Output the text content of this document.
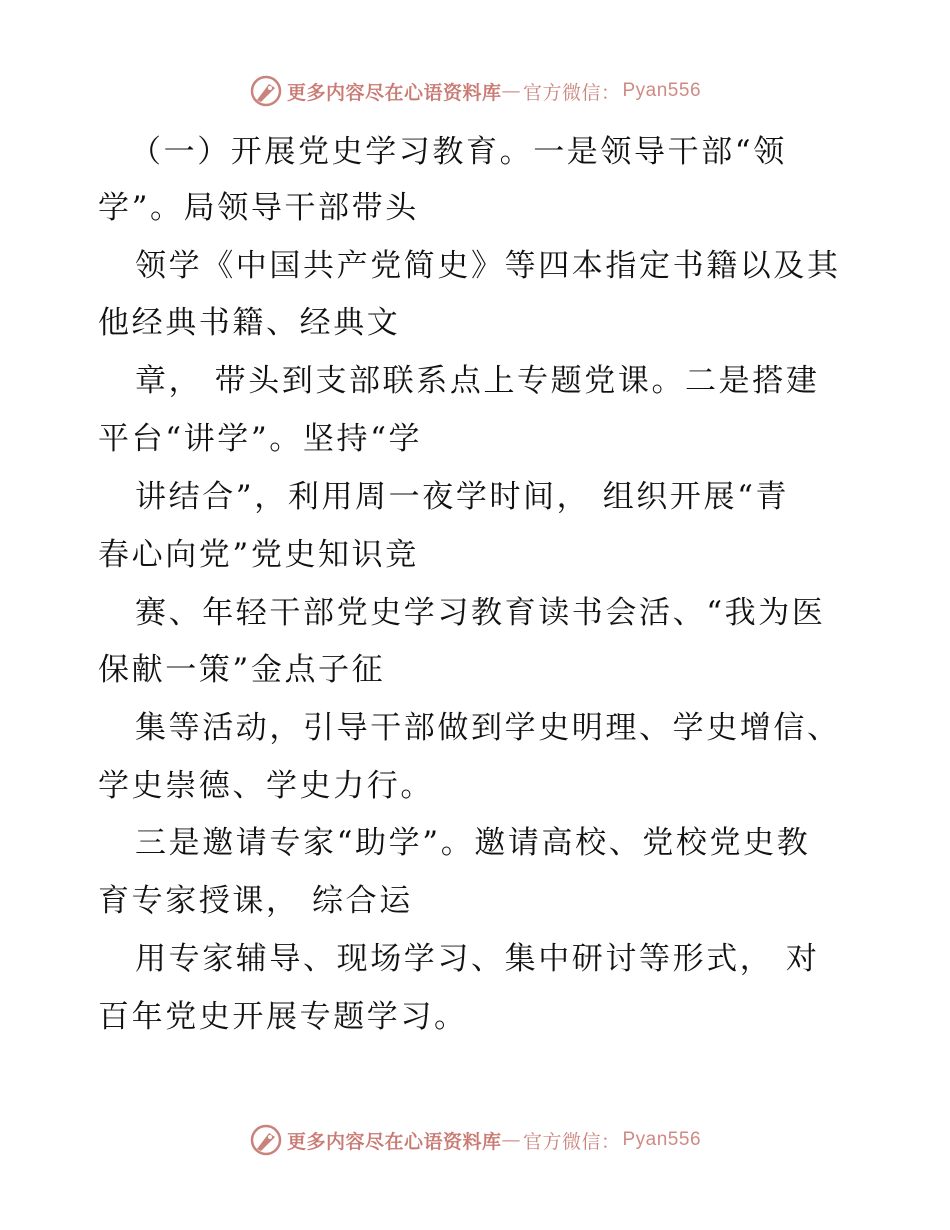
更多内容尽在心语资料库 — 官方微信： Pyan556
（一）开展党史学习教育。一是领导干部“领
学”。局领导干部带头
领学《中国共产党简史》等四本指定书籍以及其
他经典书籍、经典文
章， 带头到支部联系点上专题党课。二是搭建
平台“讲学”。坚持“学
讲结合”，利用周一夜学时间， 组织开展“青
春心向党”党史知识竞
赛、年轻干部党史学习教育读书会活、“我为医
保献一策”金点子征
集等活动，引导干部做到学史明理、学史增信、
学史崇德、学史力行。
三是邀请专家“助学”。邀请高校、党校党史教
育专家授课， 综合运
用专家辅导、现场学习、集中研讨等形式， 对
百年党史开展专题学习。
更多内容尽在心语资料库 — 官方微信： Pyan556
